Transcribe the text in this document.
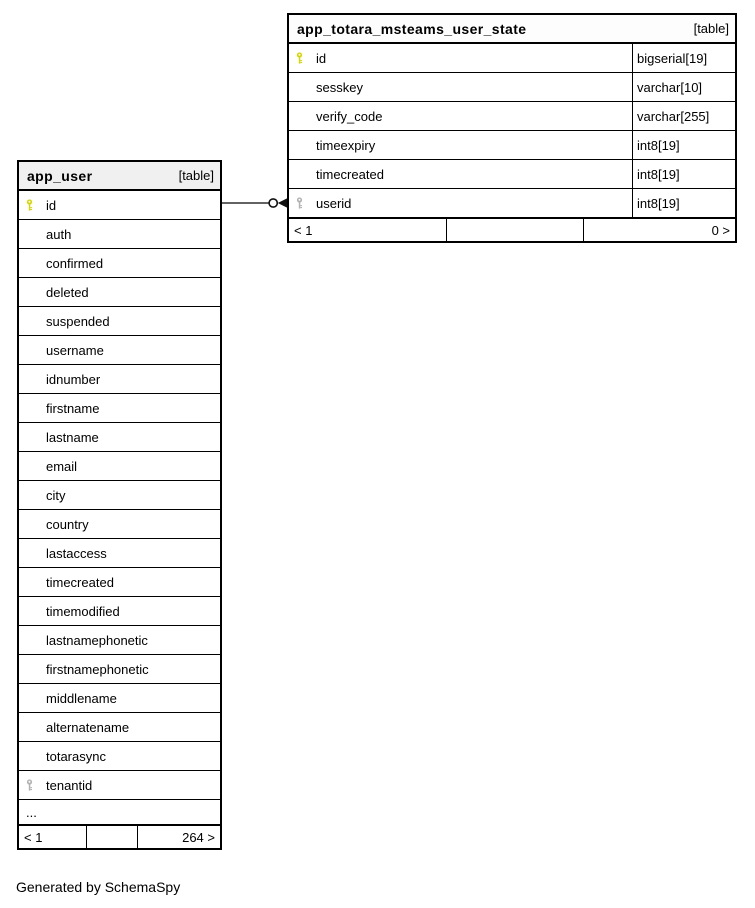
app_totara_msteams_user_state	[table]
id	bigserial[19]
sesskey	varchar[10]
verify_code	varchar[255]
timeexpiry	int8[19]
timecreated	int8[19]
userid	int8[19]
< 1	0 >
app_user	[table]
id
auth
confirmed
deleted
suspended
username
idnumber
firstname
lastname
email
city
country
lastaccess
timecreated
timemodified
lastnamephonetic
firstnamephonetic
middlename
alternatename
totarasync
tenantid
...
< 1	264 >
Generated by SchemaSpy
